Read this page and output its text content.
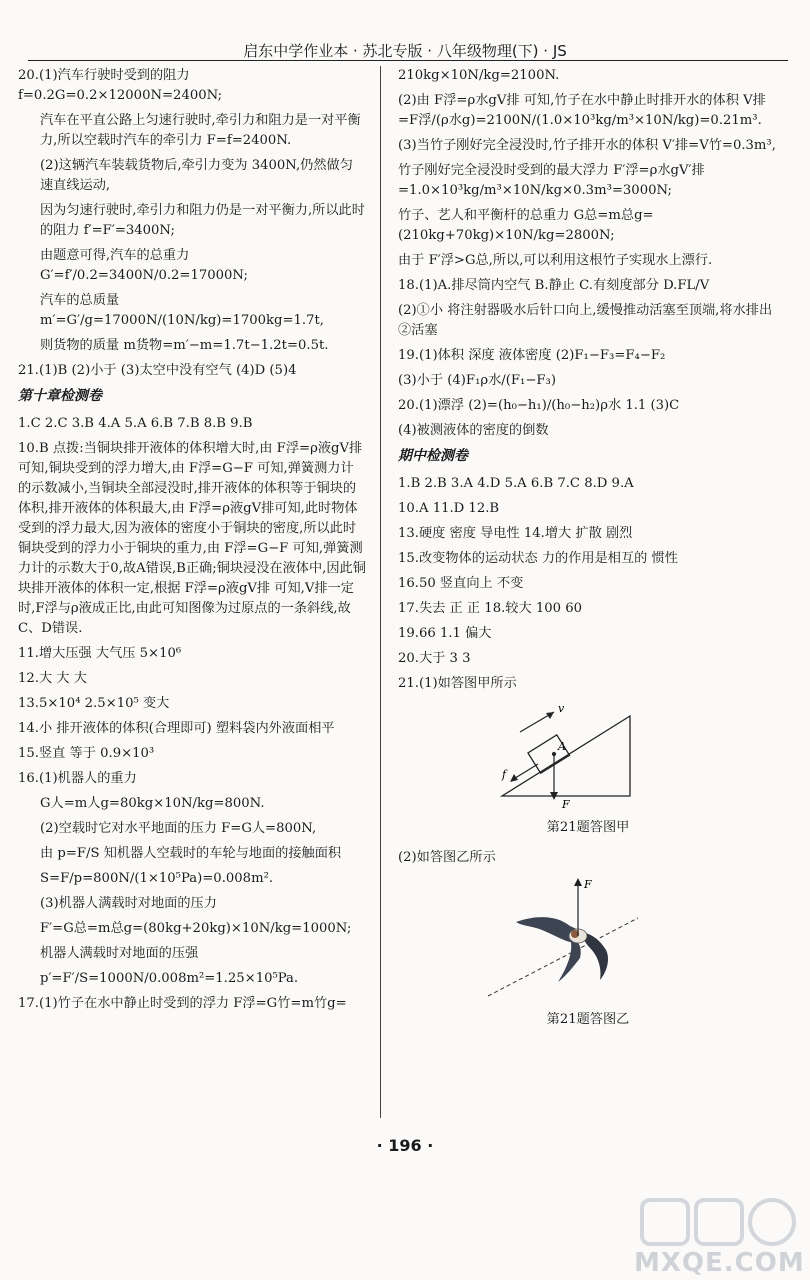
启东中学作业本 · 苏北专版 · 八年级物理(下) · JS
20.(1)汽车行驶时受到的阻力 f=0.2G=0.2×12000N=2400N;
汽车在平直公路上匀速行驶时,牵引力和阻力是一对平衡力,所以空载时汽车的牵引力 F=f=2400N.
(2)这辆汽车装载货物后,牵引力变为 3400N,仍然做匀速直线运动,
因为匀速行驶时,牵引力和阻力仍是一对平衡力,所以此时的阻力 f′=F′=3400N;
由题意可得,汽车的总重力 G′=f′/0.2=3400N/0.2=17000N;
汽车的总质量 m′=G′/g=17000N/(10N/kg)=1700kg=1.7t,
则货物的质量 m货物=m′−m=1.7t−1.2t=0.5t.
21.(1)B (2)小于 (3)太空中没有空气 (4)D (5)4
第十章检测卷
1.C 2.C 3.B 4.A 5.A 6.B 7.B 8.B 9.B
10.B 点拨:当铜块排开液体的体积增大时,由 F浮=ρ液gV排 可知,铜块受到的浮力增大,由 F浮=G−F 可知,弹簧测力计的示数减小,当铜块全部浸没时,排开液体的体积等于铜块的体积,排开液体的体积最大,由 F浮=ρ液gV排可知,此时物体受到的浮力最大,因为液体的密度小于铜块的密度,所以此时铜块受到的浮力小于铜块的重力,由 F浮=G−F 可知,弹簧测力计的示数大于0,故A错误,B正确;铜块浸没在液体中,因此铜块排开液体的体积一定,根据 F浮=ρ液gV排 可知,V排一定时,F浮与ρ液成正比,由此可知图像为过原点的一条斜线,故C、D错误.
11.增大压强 大气压 5×10⁶
12.大 大 大
13.5×10⁴ 2.5×10⁵ 变大
14.小 排开液体的体积(合理即可) 塑料袋内外液面相平
15.竖直 等于 0.9×10³
16.(1)机器人的重力
G人=m人g=80kg×10N/kg=800N.
(2)空载时它对水平地面的压力 F=G人=800N,
由 p=F/S 知机器人空载时的车轮与地面的接触面积
S=F/p=800N/(1×10⁵Pa)=0.008m².
(3)机器人满载时对地面的压力
F′=G总=m总g=(80kg+20kg)×10N/kg=1000N;
机器人满载时对地面的压强
p′=F′/S=1000N/0.008m²=1.25×10⁵Pa.
17.(1)竹子在水中静止时受到的浮力 F浮=G竹=m竹g=
210kg×10N/kg=2100N.
(2)由 F浮=ρ水gV排 可知,竹子在水中静止时排开水的体积 V排=F浮/(ρ水g)=2100N/(1.0×10³kg/m³×10N/kg)=0.21m³.
(3)当竹子刚好完全浸没时,竹子排开水的体积 V′排=V竹=0.3m³,
竹子刚好完全浸没时受到的最大浮力 F′浮=ρ水gV′排=1.0×10³kg/m³×10N/kg×0.3m³=3000N;
竹子、艺人和平衡杆的总重力 G总=m总g=(210kg+70kg)×10N/kg=2800N;
由于 F′浮>G总,所以,可以利用这根竹子实现水上漂行.
18.(1)A.排尽筒内空气 B.静止 C.有刻度部分 D.FL/V
(2)①小 将注射器吸水后针口向上,缓慢推动活塞至顶端,将水排出 ②活塞
19.(1)体积 深度 液体密度 (2)F₁−F₃=F₄−F₂
(3)小于 (4)F₁ρ水/(F₁−F₃)
20.(1)漂浮 (2)=(h₀−h₁)/(h₀−h₂)ρ水 1.1 (3)C
(4)被测液体的密度的倒数
期中检测卷
1.B 2.B 3.A 4.D 5.A 6.B 7.C 8.D 9.A
10.A 11.D 12.B
13.硬度 密度 导电性 14.增大 扩散 剧烈
15.改变物体的运动状态 力的作用是相互的 惯性
16.50 竖直向上 不变
17.失去 正 正 18.较大 100 60
19.66 1.1 偏大
20.大于 3 3
21.(1)如答图甲所示
v
A
F
f
第21题答图甲
(2)如答图乙所示
F
第21题答图乙
· 196 ·
MXQE.COM
